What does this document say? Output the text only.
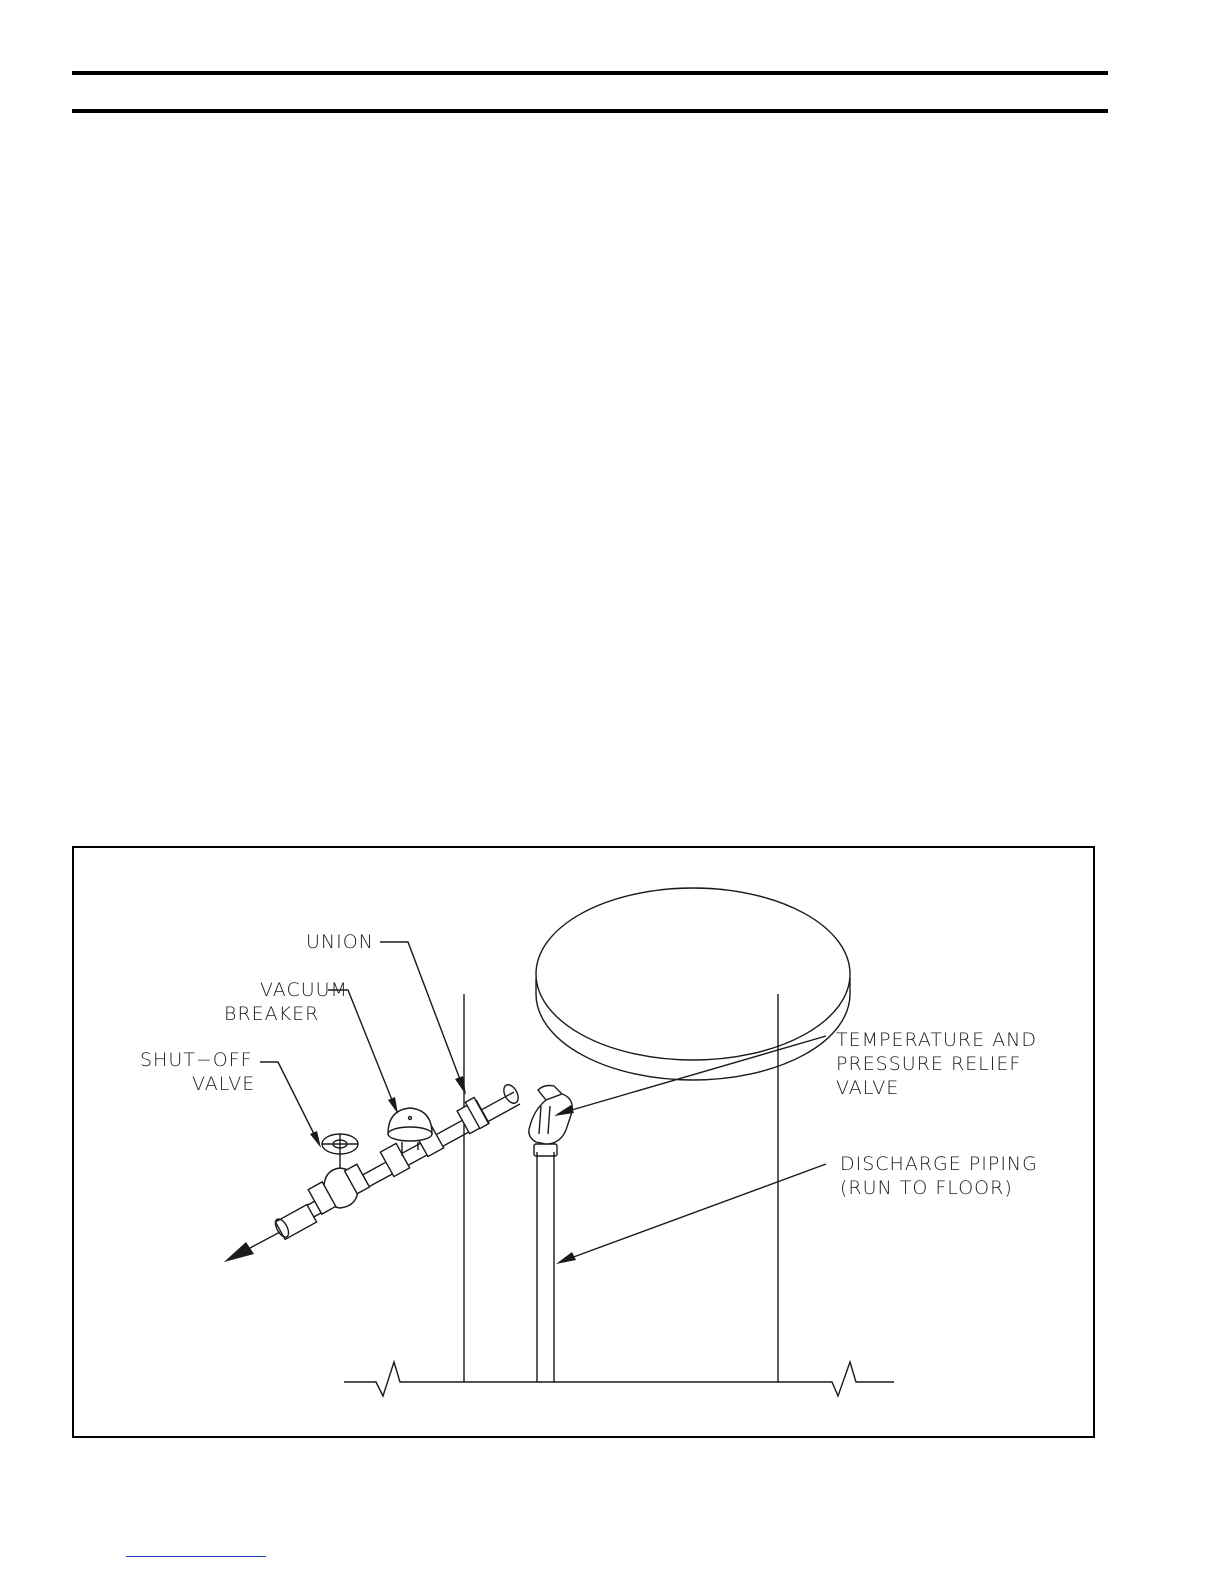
UNION
VACUUM
BREAKER
SHUT−OFF
VALVE
TEMPERATURE AND
PRESSURE RELIEF
VALVE
DISCHARGE PIPING
(RUN TO FLOOR)
